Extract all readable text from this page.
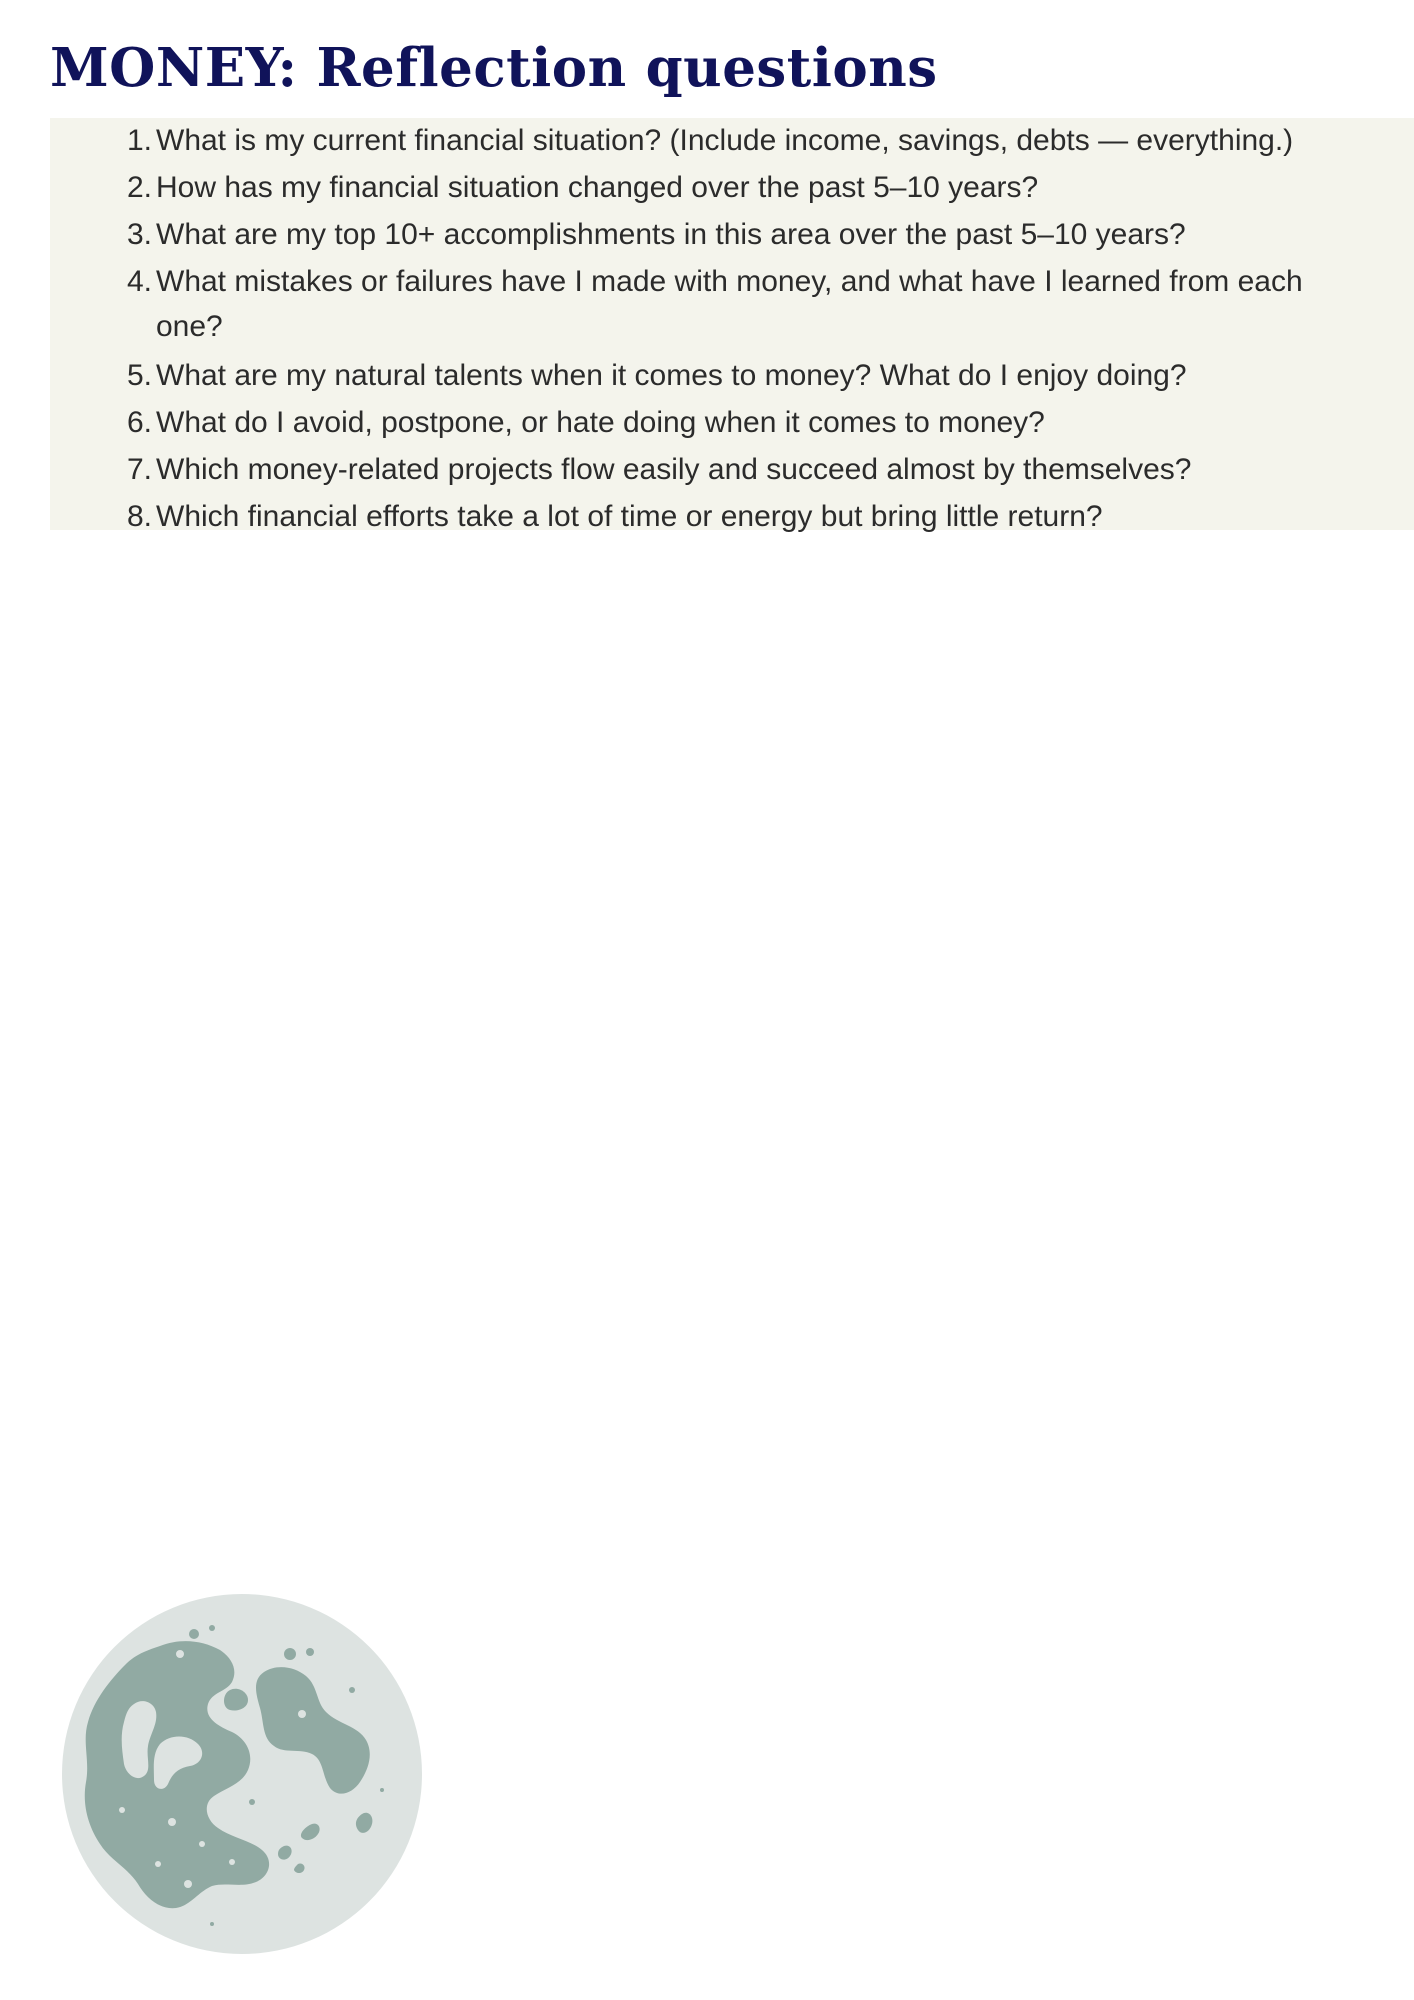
MONEY: Reflection questions
1. What is my current financial situation? (Include income, savings, debts — everything.)
2. How has my financial situation changed over the past 5–10 years?
3. What are my top 10+ accomplishments in this area over the past 5–10 years?
4. What mistakes or failures have I made with money, and what have I learned from each one?
5. What are my natural talents when it comes to money? What do I enjoy doing?
6. What do I avoid, postpone, or hate doing when it comes to money?
7. Which money-related projects flow easily and succeed almost by themselves?
8. Which financial efforts take a lot of time or energy but bring little return?
